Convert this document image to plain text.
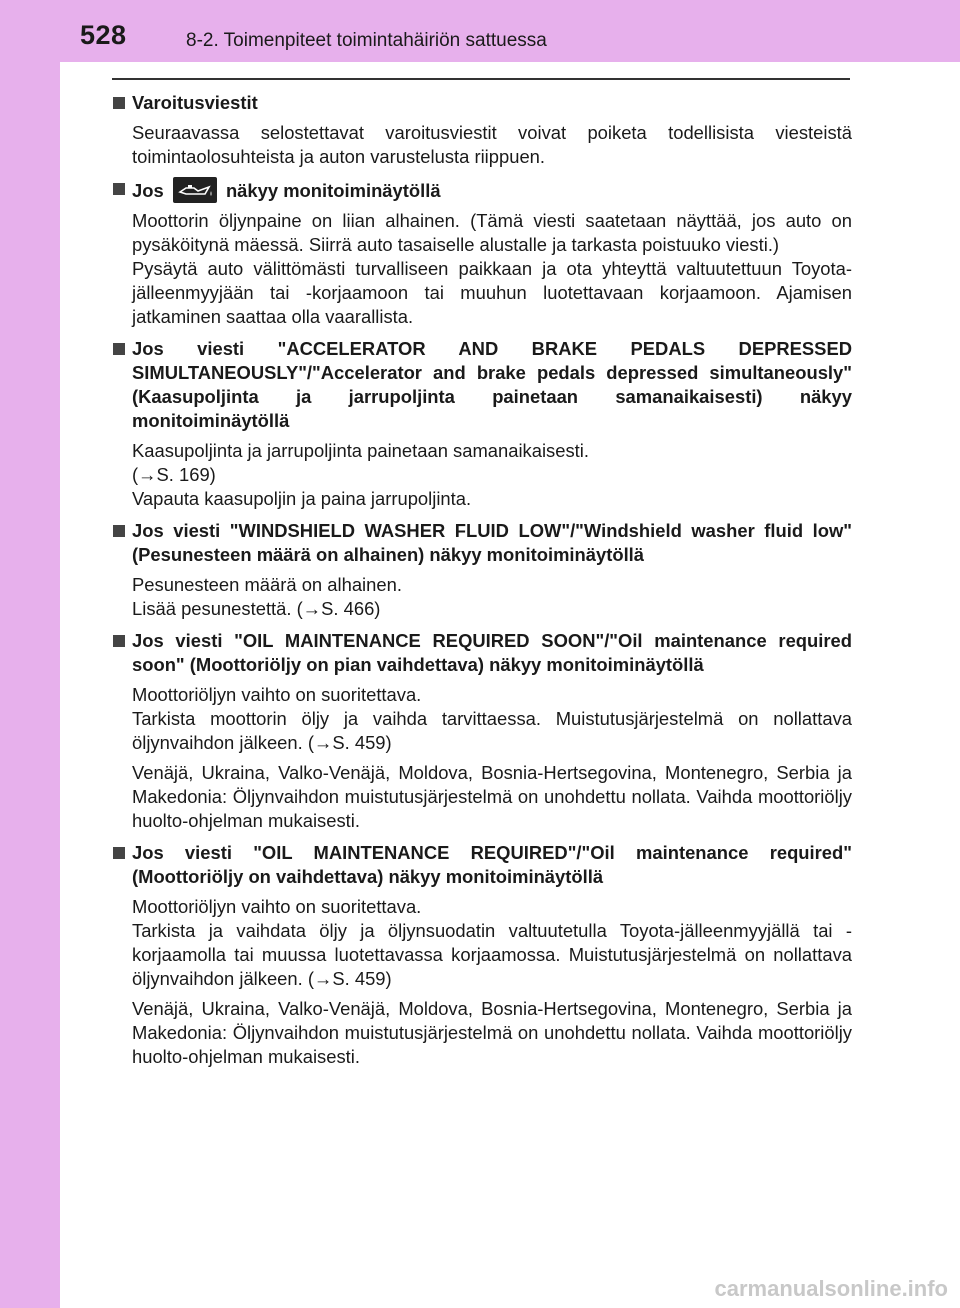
528	8-2. Toimenpiteet toimintahäiriön sattuessa
Varoitusviestit
Seuraavassa selostettavat varoitusviestit voivat poiketa todellisista viesteistä toimintaolosuhteista ja auton varustelusta riippuen.
Jos	näkyy monitoiminäytöllä
Moottorin öljynpaine on liian alhainen. (Tämä viesti saatetaan näyttää, jos auto on pysäköitynä mäessä. Siirrä auto tasaiselle alustalle ja tarkasta poistuuko viesti.)
Pysäytä auto välittömästi turvalliseen paikkaan ja ota yhteyttä valtuutettuun Toyota-jälleenmyyjään tai -korjaamoon tai muuhun luotettavaan korjaamoon. Ajamisen jatkaminen saattaa olla vaarallista.
Jos viesti "ACCELERATOR AND BRAKE PEDALS DEPRESSED SIMULTANEOUSLY"/"Accelerator and brake pedals depressed simultaneously" (Kaasupoljinta ja jarrupoljinta painetaan samanaikaisesti) näkyy monitoiminäytöllä
Kaasupoljinta ja jarrupoljinta painetaan samanaikaisesti.
(→S. 169)
Vapauta kaasupoljin ja paina jarrupoljinta.
Jos viesti "WINDSHIELD WASHER FLUID LOW"/"Windshield washer fluid low" (Pesunesteen määrä on alhainen) näkyy monitoiminäytöllä
Pesunesteen määrä on alhainen.
Lisää pesunestettä. (→S. 466)
Jos viesti "OIL MAINTENANCE REQUIRED SOON"/"Oil maintenance required soon" (Moottoriöljy on pian vaihdettava) näkyy monitoiminäytöllä
Moottoriöljyn vaihto on suoritettava.
Tarkista moottorin öljy ja vaihda tarvittaessa. Muistutusjärjestelmä on nollattava öljynvaihdon jälkeen. (→S. 459)
Venäjä, Ukraina, Valko-Venäjä, Moldova, Bosnia-Hertsegovina, Montenegro, Serbia ja Makedonia: Öljynvaihdon muistutusjärjestelmä on unohdettu nollata. Vaihda moottoriöljy huolto-ohjelman mukaisesti.
Jos viesti "OIL MAINTENANCE REQUIRED"/"Oil maintenance required" (Moottoriöljy on vaihdettava) näkyy monitoiminäytöllä
Moottoriöljyn vaihto on suoritettava.
Tarkista ja vaihdata öljy ja öljynsuodatin valtuutetulla Toyota-jälleenmyyjällä tai -korjaamolla tai muussa luotettavassa korjaamossa. Muistutusjärjestelmä on nollattava öljynvaihdon jälkeen. (→S. 459)
Venäjä, Ukraina, Valko-Venäjä, Moldova, Bosnia-Hertsegovina, Montenegro, Serbia ja Makedonia: Öljynvaihdon muistutusjärjestelmä on unohdettu nollata. Vaihda moottoriöljy huolto-ohjelman mukaisesti.
carmanualsonline.info
